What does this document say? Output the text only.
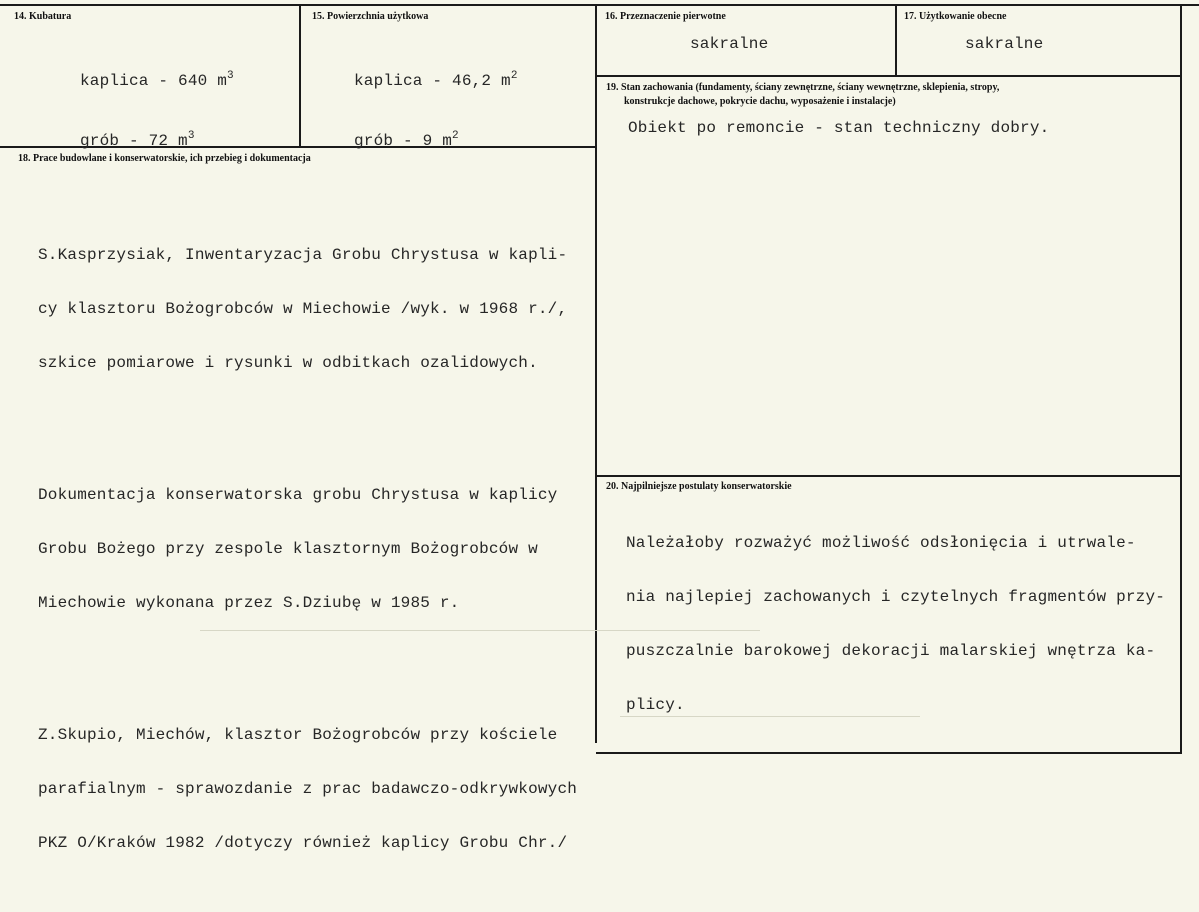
14. Kubatura

kaplica - 640 $m^3$

grób - 72 $m^3$

15. Powierzchnia użytkowa

kaplica - 46,2 $m^2$

grób - 9 $m^2$

16. Przeznaczenie pierwotne
sakralne
17. Użytkowanie obecne
sakralne
18. Prace budowlane i konserwatorskie, ich przebieg i dokumentacja

S.Kasprzysiak, Inwentaryzacja Grobu Chrystusa w kapli-

cy klasztoru Bożogrobców w Miechowie /wyk. w 1968 r./,

szkice pomiarowe i rysunki w odbitkach ozalidowych.

Dokumentacja konserwatorska grobu Chrystusa w kaplicy

Grobu Bożego przy zespole klasztornym Bożogrobców w

Miechowie wykonana przez S.Dziubę w 1985 r.

Z.Skupio, Miechów, klasztor Bożogrobców przy kościele

parafialnym - sprawozdanie z prac badawczo-odkrywkowych

PKZ O/Kraków 1982 /dotyczy również kaplicy Grobu Chr./

19. Stan zachowania (fundamenty, ściany zewnętrzne, ściany wewnętrzne, sklepienia, stropy,
konstrukcje dachowe, pokrycie dachu, wyposażenie i instalacje)
Obiekt po remoncie - stan techniczny dobry.
20. Najpilniejsze postulaty konserwatorskie

Należałoby rozważyć możliwość odsłonięcia i utrwale-

nia najlepiej zachowanych i czytelnych fragmentów przy-

puszczalnie barokowej dekoracji malarskiej wnętrza ka-

plicy.
